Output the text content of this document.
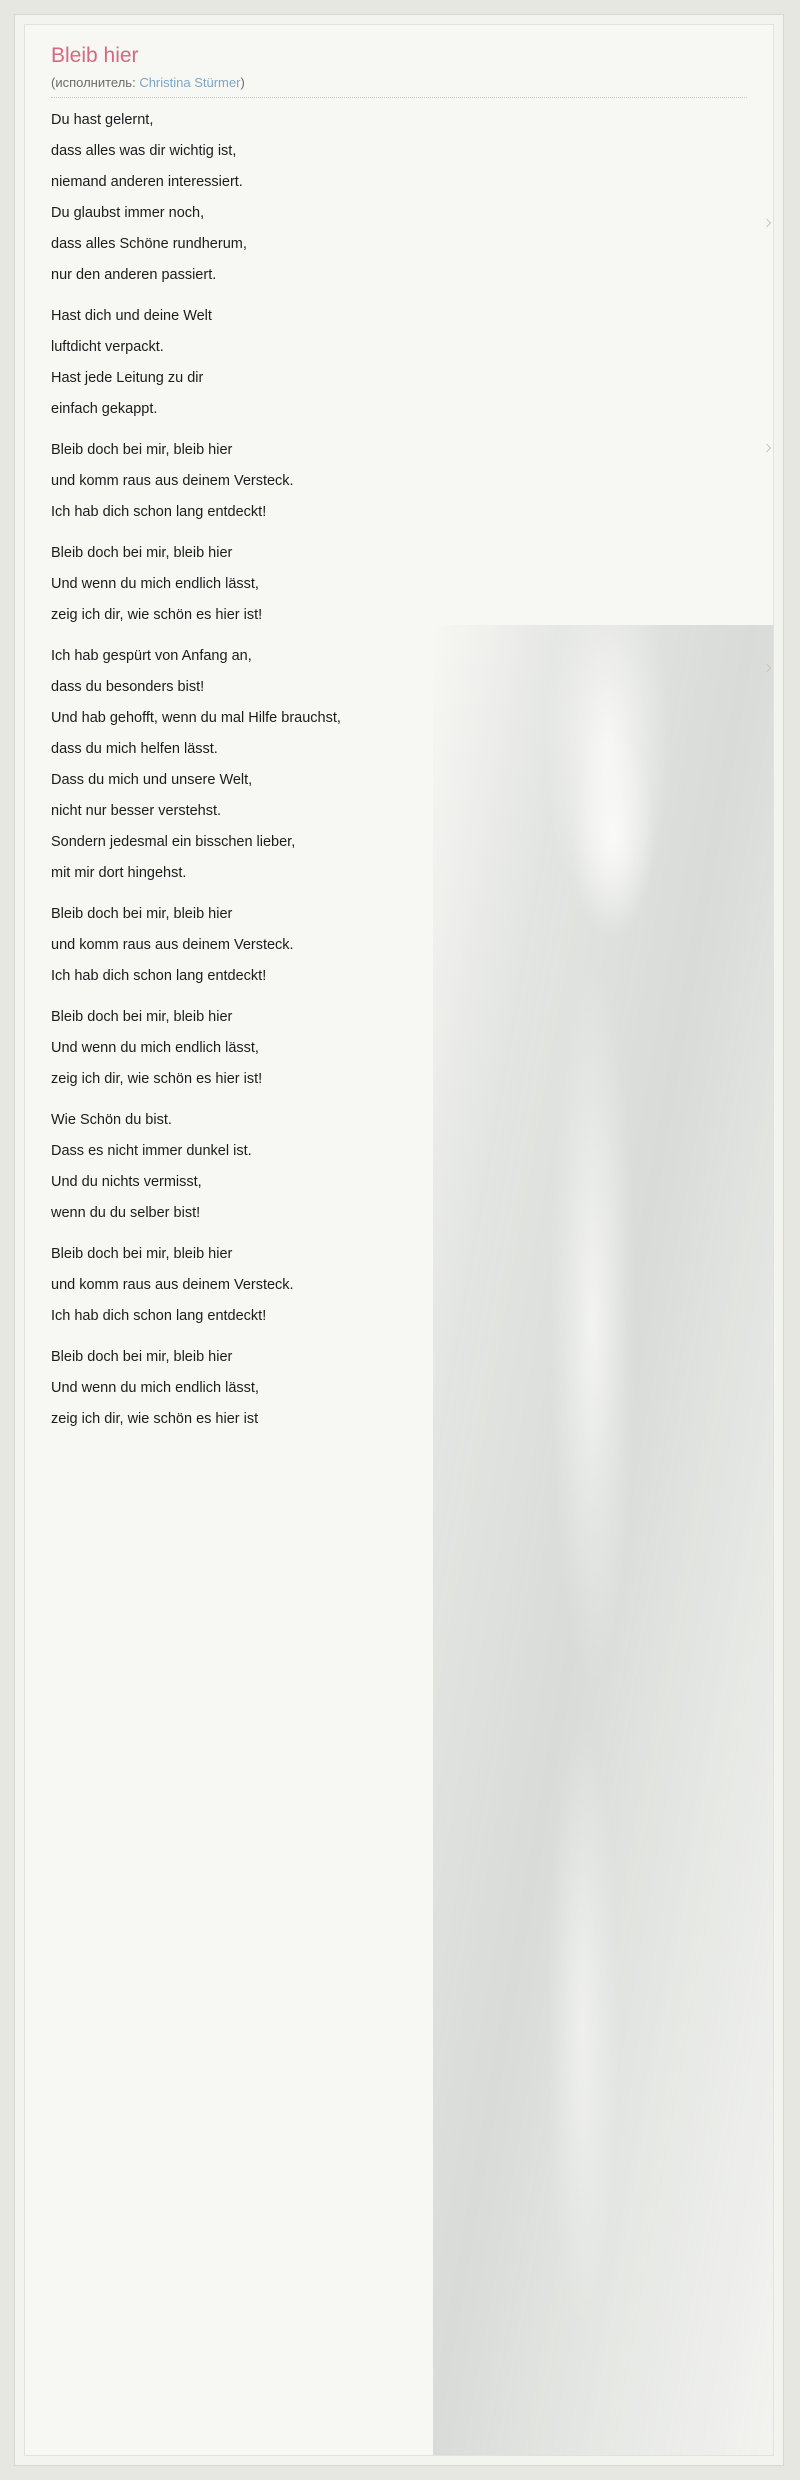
Bleib hier
(исполнитель: Christina Stürmer)

Du hast gelernt,

dass alles was dir wichtig ist,

niemand anderen interessiert.

Du glaubst immer noch,

dass alles Schöne rundherum,

nur den anderen passiert.

Hast dich und deine Welt

luftdicht verpackt.

Hast jede Leitung zu dir

einfach gekappt.

Bleib doch bei mir, bleib hier

und komm raus aus deinem Versteck.

Ich hab dich schon lang entdeckt!

Bleib doch bei mir, bleib hier

Und wenn du mich endlich lässt,

zeig ich dir, wie schön es hier ist!

Ich hab gespürt von Anfang an,

dass du besonders bist!

Und hab gehofft, wenn du mal Hilfe brauchst,

dass du mich helfen lässt.

Dass du mich und unsere Welt,

nicht nur besser verstehst.

Sondern jedesmal ein bisschen lieber,

mit mir dort hingehst.

Bleib doch bei mir, bleib hier

und komm raus aus deinem Versteck.

Ich hab dich schon lang entdeckt!

Bleib doch bei mir, bleib hier

Und wenn du mich endlich lässt,

zeig ich dir, wie schön es hier ist!

Wie Schön du bist.

Dass es nicht immer dunkel ist.

Und du nichts vermisst,

wenn du du selber bist!

Bleib doch bei mir, bleib hier

und komm raus aus deinem Versteck.

Ich hab dich schon lang entdeckt!

Bleib doch bei mir, bleib hier

Und wenn du mich endlich lässt,

zeig ich dir, wie schön es hier ist
